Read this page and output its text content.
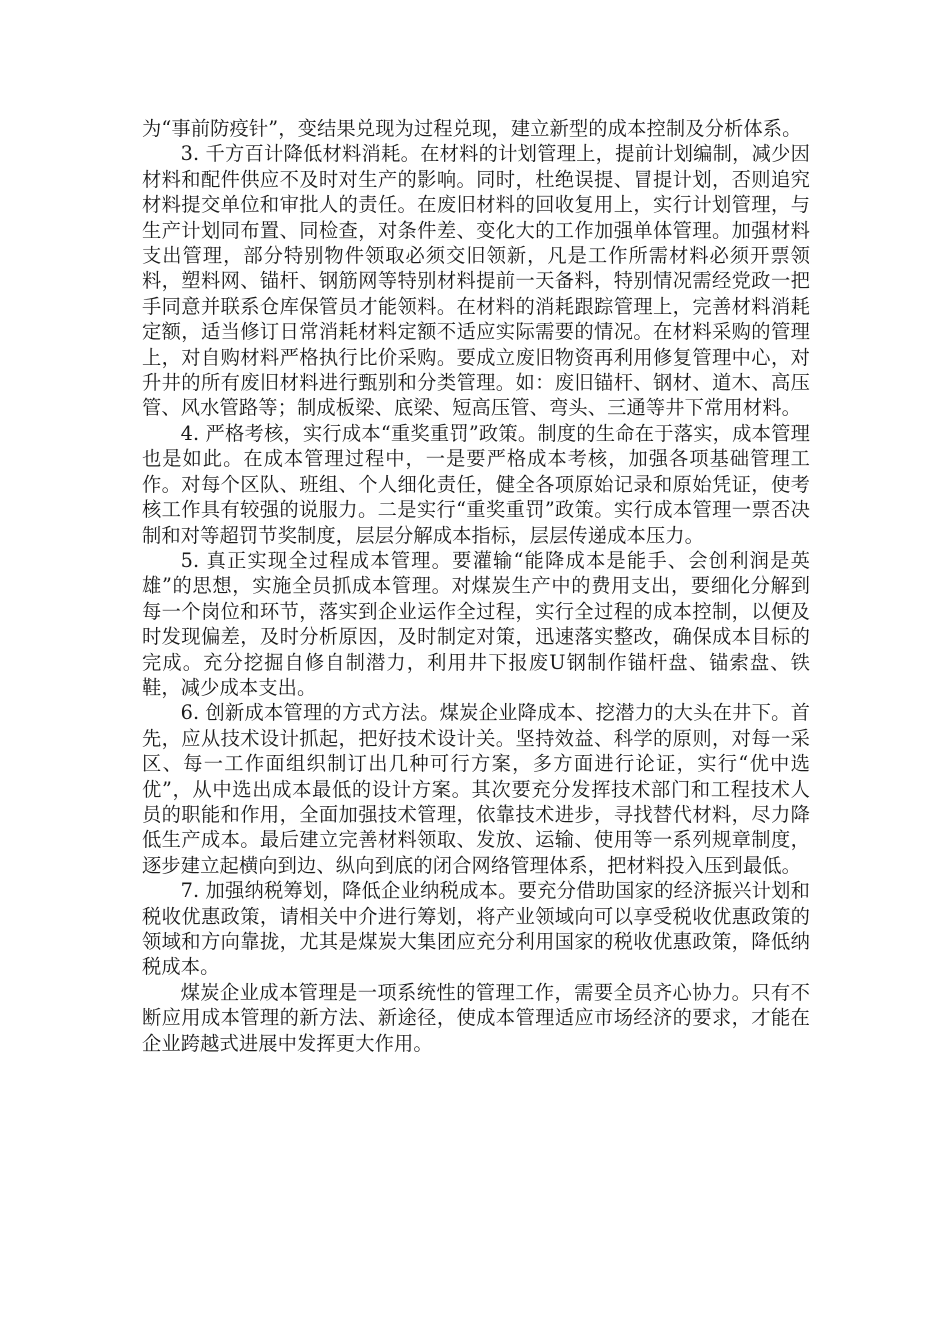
为“事前防疫针”，变结果兑现为过程兑现，建立新型的成本控制及分析体系。

3. 千方百计降低材料消耗。在材料的计划管理上，提前计划编制，减少因材料和配件供应不及时对生产的影响。同时，杜绝误提、冒提计划，否则追究材料提交单位和审批人的责任。在废旧材料的回收复用上，实行计划管理，与生产计划同布置、同检查，对条件差、变化大的工作加强单体管理。加强材料支出管理，部分特别物件领取必须交旧领新，凡是工作所需材料必须开票领料，塑料网、锚杆、钢筋网等特别材料提前一天备料，特别情况需经党政一把手同意并联系仓库保管员才能领料。在材料的消耗跟踪管理上，完善材料消耗定额，适当修订日常消耗材料定额不适应实际需要的情况。在材料采购的管理上，对自购材料严格执行比价采购。要成立废旧物资再利用修复管理中心，对升井的所有废旧材料进行甄别和分类管理。如：废旧锚杆、钢材、道木、高压管、风水管路等；制成板梁、底梁、短高压管、弯头、三通等井下常用材料。

4. 严格考核，实行成本“重奖重罚”政策。制度的生命在于落实，成本管理也是如此。在成本管理过程中，一是要严格成本考核，加强各项基础管理工作。对每个区队、班组、个人细化责任，健全各项原始记录和原始凭证，使考核工作具有较强的说服力。二是实行“重奖重罚”政策。实行成本管理一票否决制和对等超罚节奖制度，层层分解成本指标，层层传递成本压力。

5. 真正实现全过程成本管理。要灌输“能降成本是能手、会创利润是英雄”的思想，实施全员抓成本管理。对煤炭生产中的费用支出，要细化分解到每一个岗位和环节，落实到企业运作全过程，实行全过程的成本控制，以便及时发现偏差，及时分析原因，及时制定对策，迅速落实整改，确保成本目标的完成。充分挖掘自修自制潜力，利用井下报废U钢制作锚杆盘、锚索盘、铁鞋，减少成本支出。

6. 创新成本管理的方式方法。煤炭企业降成本、挖潜力的大头在井下。首先，应从技术设计抓起，把好技术设计关。坚持效益、科学的原则，对每一采区、每一工作面组织制订出几种可行方案，多方面进行论证，实行“优中选优”，从中选出成本最低的设计方案。其次要充分发挥技术部门和工程技术人员的职能和作用，全面加强技术管理，依靠技术进步，寻找替代材料，尽力降低生产成本。最后建立完善材料领取、发放、运输、使用等一系列规章制度，逐步建立起横向到边、纵向到底的闭合网络管理体系，把材料投入压到最低。

7. 加强纳税筹划，降低企业纳税成本。要充分借助国家的经济振兴计划和税收优惠政策，请相关中介进行筹划，将产业领域向可以享受税收优惠政策的领域和方向靠拢，尤其是煤炭大集团应充分利用国家的税收优惠政策，降低纳税成本。

煤炭企业成本管理是一项系统性的管理工作，需要全员齐心协力。只有不断应用成本管理的新方法、新途径，使成本管理适应市场经济的要求，才能在企业跨越式进展中发挥更大作用。
